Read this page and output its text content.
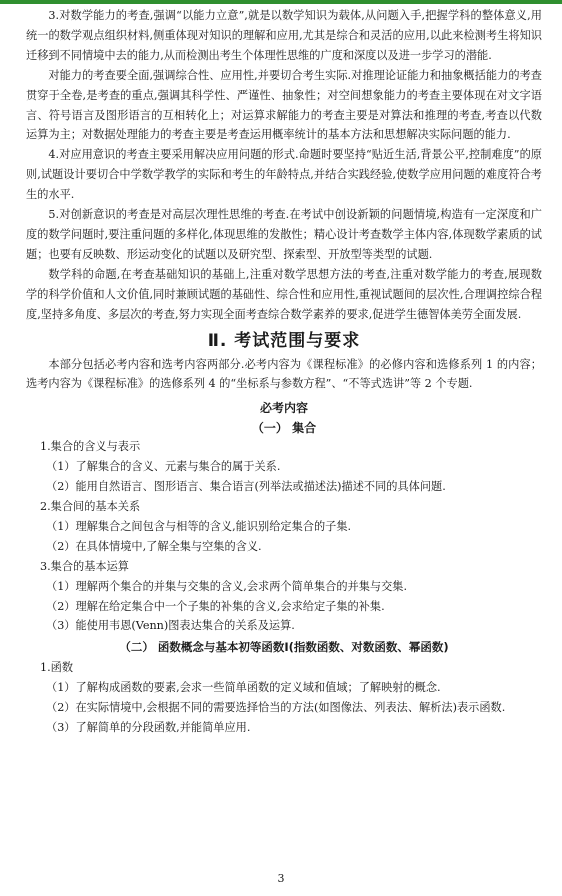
3.对数学能力的考查,强调“以能力立意”,就是以数学知识为载体,从问题入手,把握学科的整体意义,用统一的数学观点组织材料,侧重体现对知识的理解和应用,尤其是综合和灵活的应用,以此来检测考生将知识迁移到不同情境中去的能力,从而检测出考生个体理性思维的广度和深度以及进一步学习的潜能.

对能力的考查要全面,强调综合性、应用性,并要切合考生实际.对推理论证能力和抽象概括能力的考查贯穿于全卷,是考查的重点,强调其科学性、严谨性、抽象性；对空间想象能力的考查主要体现在对文字语言、符号语言及图形语言的互相转化上；对运算求解能力的考查主要是对算法和推理的考查,考查以代数运算为主；对数据处理能力的考查主要是考查运用概率统计的基本方法和思想解决实际问题的能力.

4.对应用意识的考查主要采用解决应用问题的形式.命题时要坚持“贴近生活,背景公平,控制难度”的原则,试题设计要切合中学数学教学的实际和考生的年龄特点,并结合实践经验,使数学应用问题的难度符合考生的水平.

5.对创新意识的考查是对高层次理性思维的考查.在考试中创设新颖的问题情境,构造有一定深度和广度的数学问题时,要注重问题的多样化,体现思维的发散性；精心设计考查数学主体内容,体现数学素质的试题；也要有反映数、形运动变化的试题以及研究型、探索型、开放型等类型的试题.

数学科的命题,在考查基础知识的基础上,注重对数学思想方法的考查,注重对数学能力的考查,展现数学的科学价值和人文价值,同时兼顾试题的基础性、综合性和应用性,重视试题间的层次性,合理调控综合程度,坚持多角度、多层次的考查,努力实现全面考查综合数学素养的要求,促进学生德智体美劳全面发展.

Ⅱ. 考试范围与要求

本部分包括必考内容和选考内容两部分.必考内容为《课程标准》的必修内容和选修系列 1 的内容；选考内容为《课程标准》的选修系列 4 的“坐标系与参数方程”、“不等式选讲”等 2 个专题.

必考内容
（一） 集合
1.集合的含义与表示
（1）了解集合的含义、元素与集合的属于关系.
（2）能用自然语言、图形语言、集合语言(列举法或描述法)描述不同的具体问题.
2.集合间的基本关系
（1）理解集合之间包含与相等的含义,能识别给定集合的子集.
（2）在具体情境中,了解全集与空集的含义.
3.集合的基本运算
（1）理解两个集合的并集与交集的含义,会求两个简单集合的并集与交集.
（2）理解在给定集合中一个子集的补集的含义,会求给定子集的补集.
（3）能使用韦恩(Venn)图表达集合的关系及运算.
（二） 函数概念与基本初等函数Ⅰ(指数函数、对数函数、幂函数)
1.函数
（1）了解构成函数的要素,会求一些简单函数的定义域和值域；了解映射的概念.
（2）在实际情境中,会根据不同的需要选择恰当的方法(如图像法、列表法、解析法)表示函数.
（3）了解简单的分段函数,并能简单应用.
3
